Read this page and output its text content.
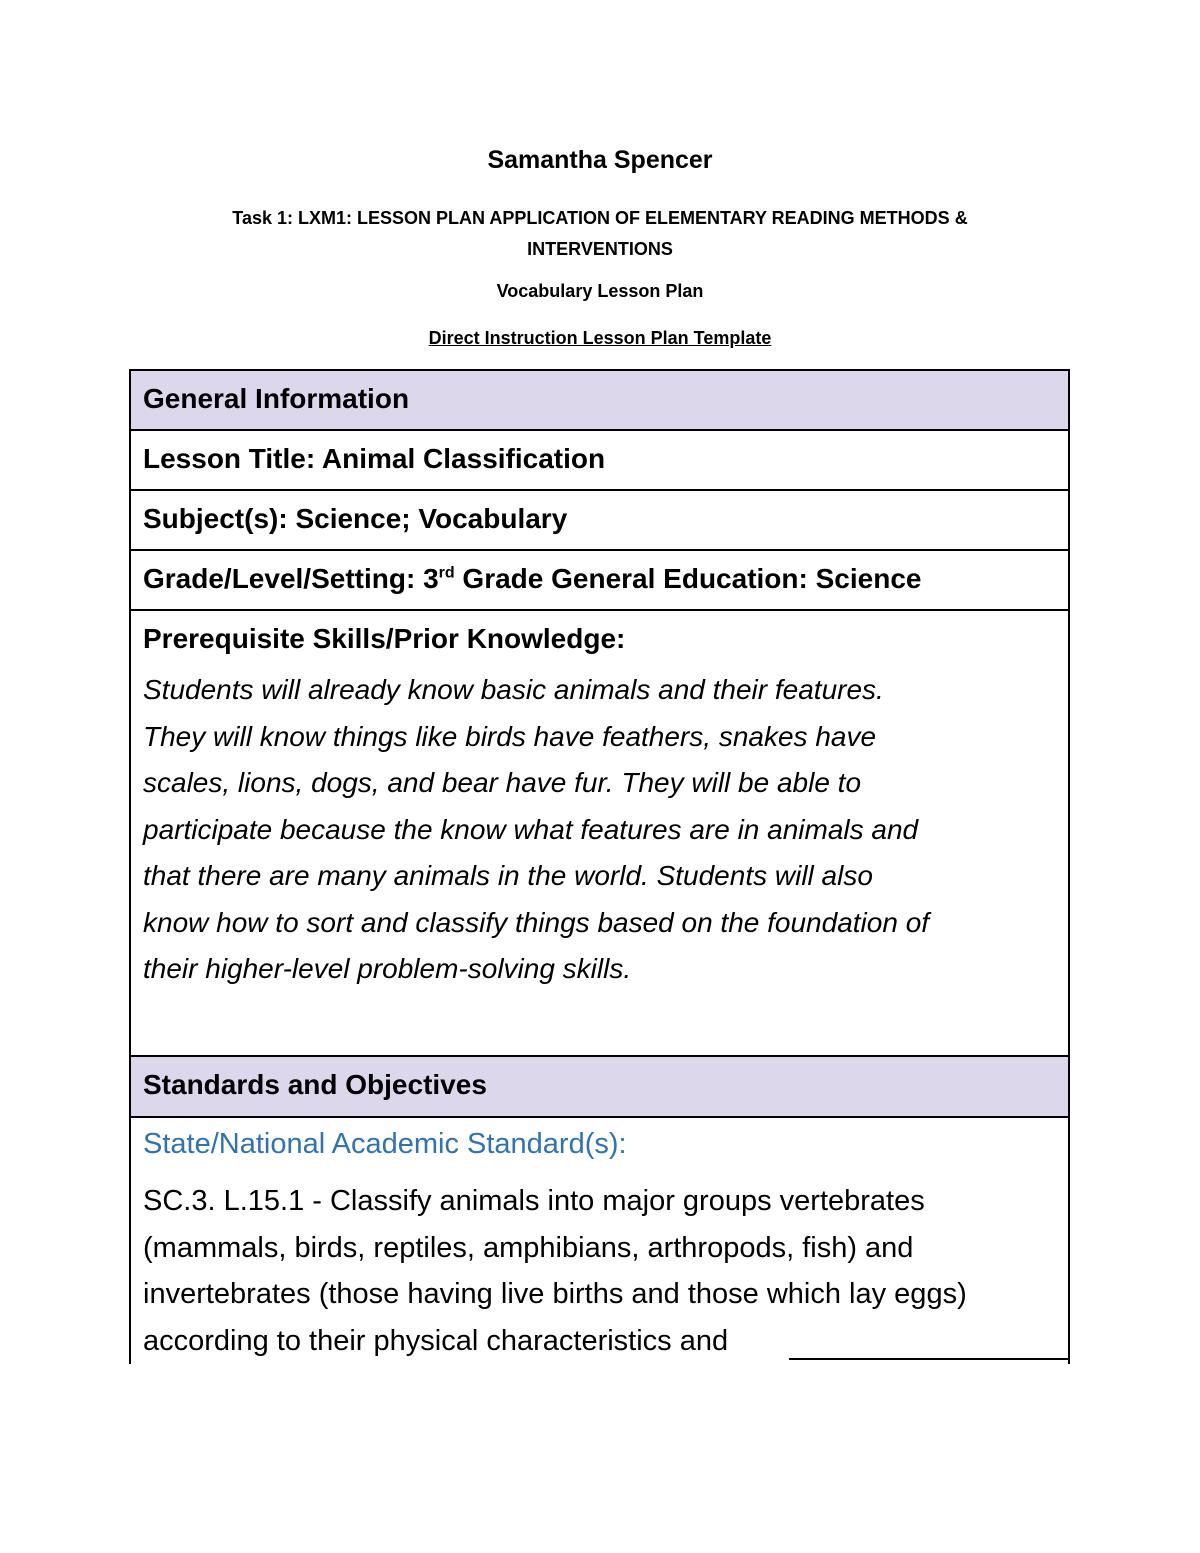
Samantha Spencer
Task 1: LXM1: LESSON PLAN APPLICATION OF ELEMENTARY READING METHODS &
INTERVENTIONS
Vocabulary Lesson Plan
Direct Instruction Lesson Plan Template
General Information
Lesson Title: Animal Classification
Subject(s): Science; Vocabulary
Grade/Level/Setting: 3rd Grade General Education: Science
Prerequisite Skills/Prior Knowledge:
Students will already know basic animals and their features.
They will know things like birds have feathers, snakes have
scales, lions, dogs, and bear have fur. They will be able to
participate because the know what features are in animals and
that there are many animals in the world. Students will also
know how to sort and classify things based on the foundation of
their higher-level problem-solving skills.
Standards and Objectives
State/National Academic Standard(s):
SC.3. L.15.1 - Classify animals into major groups vertebrates
(mammals, birds, reptiles, amphibians, arthropods, fish) and
invertebrates (those having live births and those which lay eggs)
according to their physical characteristics and
